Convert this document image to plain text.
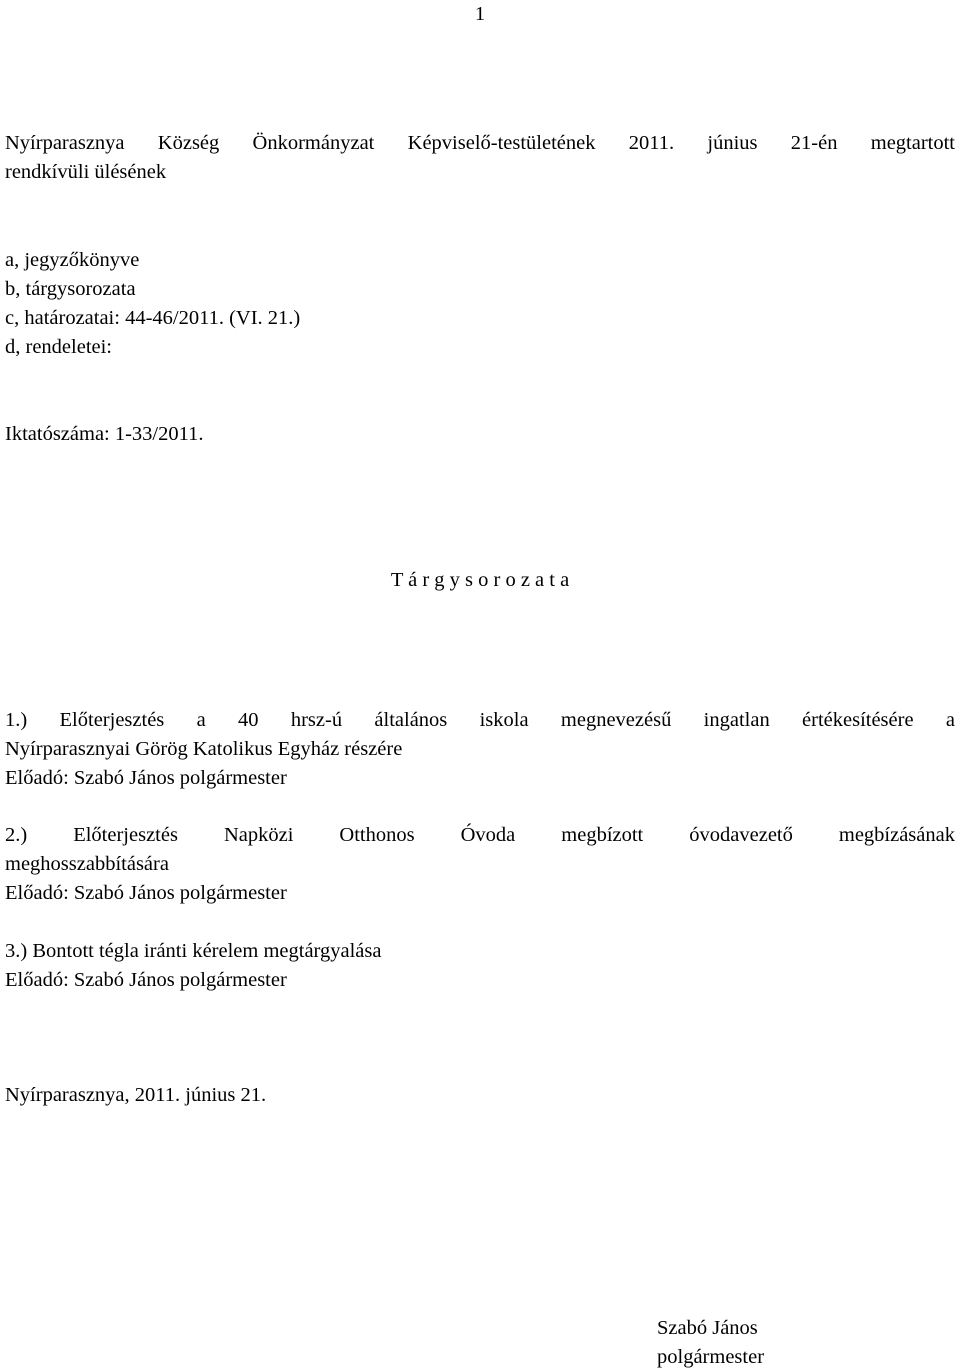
1
Nyírparasznya Község Önkormányzat Képviselő-testületének 2011. június 21-én megtartott
rendkívüli ülésének
a, jegyzőkönyve
b, tárgysorozata
c, határozatai: 44-46/2011. (VI. 21.)
d, rendeletei:
Iktatószáma: 1-33/2011.
T á r g y s o r o z a t a
1.) Előterjesztés a 40 hrsz-ú általános iskola megnevezésű ingatlan értékesítésére a
Nyírparasznyai Görög Katolikus Egyház részére
Előadó: Szabó János polgármester
2.) Előterjesztés Napközi Otthonos Óvoda megbízott óvodavezető megbízásának
meghosszabbítására
Előadó: Szabó János polgármester
3.) Bontott tégla iránti kérelem megtárgyalása
Előadó: Szabó János polgármester
Nyírparasznya, 2011. június 21.
Szabó János
polgármester
